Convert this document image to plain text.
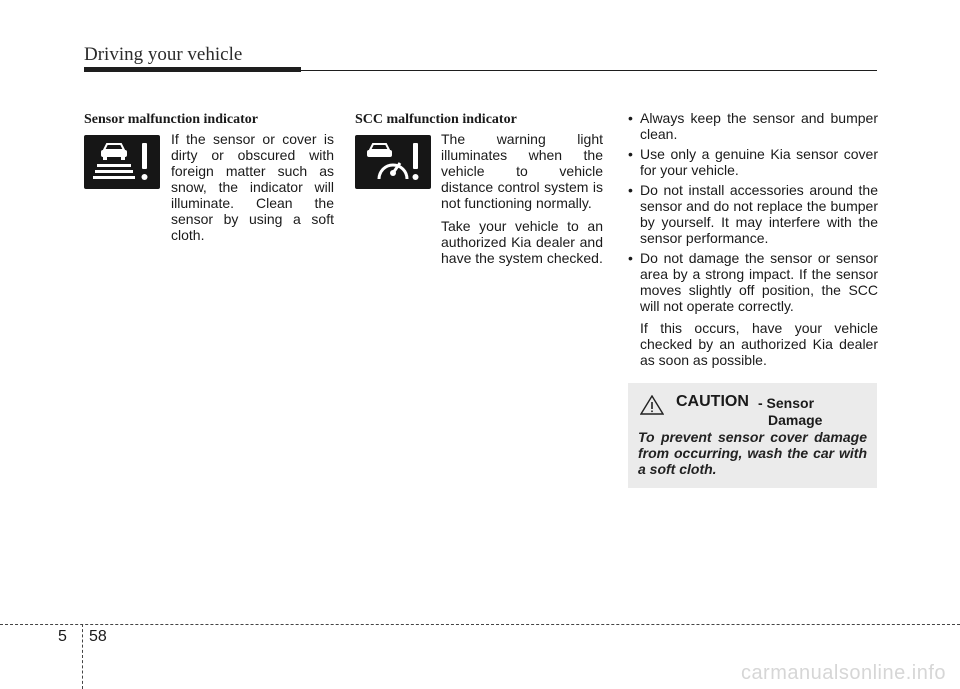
Driving your vehicle
Sensor malfunction indicator
If the sensor or cover is
dirty or obscured with
foreign matter such as
snow, the indicator will
illuminate. Clean the
sensor by using a soft
cloth.
SCC malfunction indicator

The warning light illuminates when the vehicle to vehicle distance control system is not functioning normally.

Take your vehicle to an authorized Kia dealer and have the system checked.

• Always keep the sensor and bumper clean.
• Use only a genuine Kia sensor cover for your vehicle.
• Do not install accessories around the sensor and do not replace the bumper by yourself. It may interfere with the sensor performance.
• Do not damage the sensor or sensor area by a strong impact. If the sensor moves slightly off position, the SCC will not operate correctly.
If this occurs, have your vehicle checked by an authorized Kia dealer as soon as possible.
CAUTION - Sensor
Damage
To prevent sensor cover damage from occurring, wash the car with a soft cloth.
5 58
carmanualsonline.info
